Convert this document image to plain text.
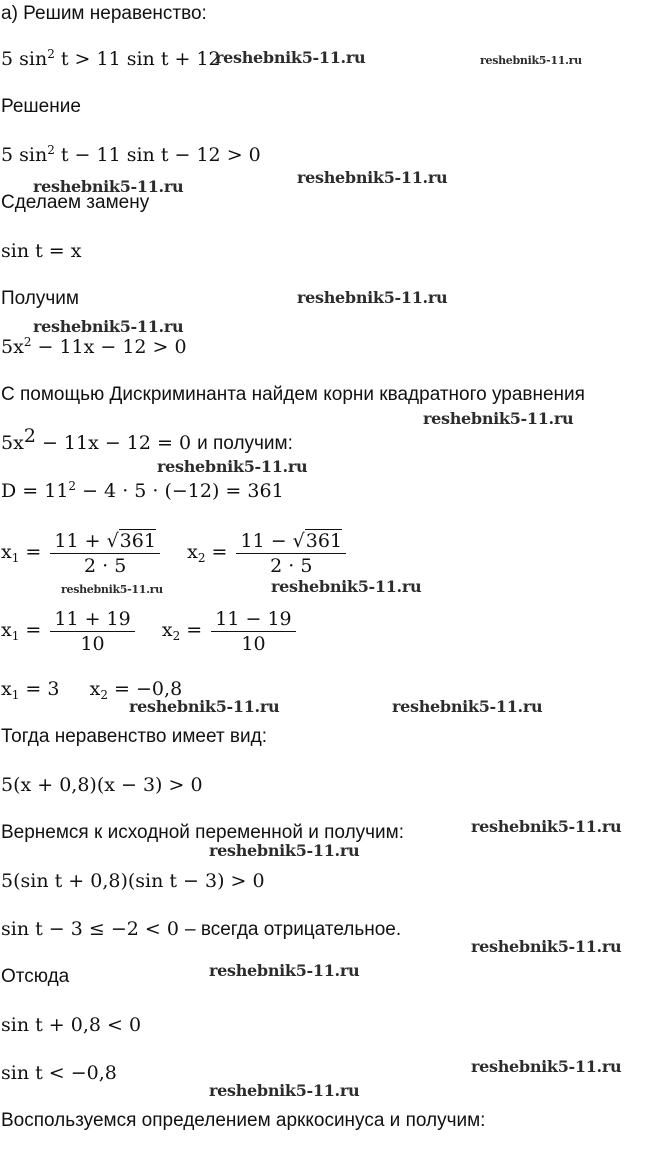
а) Решим неравенство:
5 $\sin^2 t > 11$ sin t + 12
Решение
5 $\sin^2 t - 11$ sin t − 12 > 0
Сделаем замену
sin t = x
Получим
$5x^2 - 11x - 12 > 0$
С помощью Дискриминанта найдем корни квадратного уравнения
$5x^2 - 11x - 12 = 0$ и получим:
$D = 11^2 - 4 \cdot 5 \cdot (-12) = 361$
$x_1 = \frac{11 + √361}{2 \cdot 5} x_2 = \frac{11 - √361}{2 \cdot 5}$
$x_1 = \frac{11 + 19}{10} x_2 = \frac{11 - 19}{10}$
$x_1 = 3$ $x_2 = -0,8$
Тогда неравенство имеет вид:
5(x + 0,8)(x − 3) > 0
Вернемся к исходной переменной и получим:
5(sin t + 0,8)(sin t − 3) > 0
sin t − 3 ≤ −2 < 0 – всегда отрицательное.
Отсюда
sin t + 0,8 < 0
sin t < −0,8
Воспользуемся определением арккосинуса и получим:
reshebnik5-11.ru	reshebnik5-11.ru
reshebnik5-11.ru
reshebnik5-11.ru
reshebnik5-11.ru
reshebnik5-11.ru
reshebnik5-11.ru
reshebnik5-11.ru
reshebnik5-11.ru	reshebnik5-11.ru
reshebnik5-11.ru	reshebnik5-11.ru
reshebnik5-11.ru
reshebnik5-11.ru
reshebnik5-11.ru
reshebnik5-11.ru
reshebnik5-11.ru
reshebnik5-11.ru
